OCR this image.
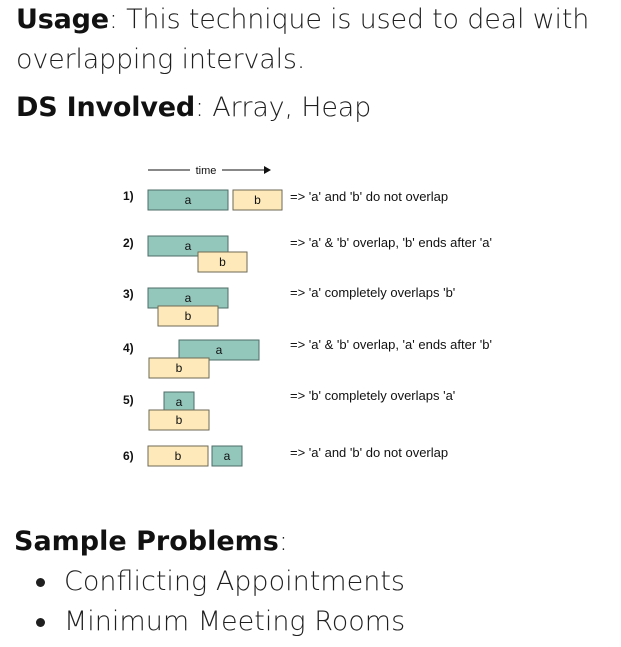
Usage: This technique is used to deal with overlapping intervals.
DS Involved: Array, Heap
time
1)	a	b => 'a' and 'b' do not overlap
2)	a
b
=> 'a' & 'b' overlap, 'b' ends after 'a'
3)	a
b
=> 'a' completely overlaps 'b'
4)	a
b
=> 'a' & 'b' overlap, 'a' ends after 'b'
5)	a
b
=> 'b' completely overlaps 'a'
6)	a
b	=> 'a' and 'b' do not overlap
Sample Problems:
Conflicting Appointments
Minimum Meeting Rooms
